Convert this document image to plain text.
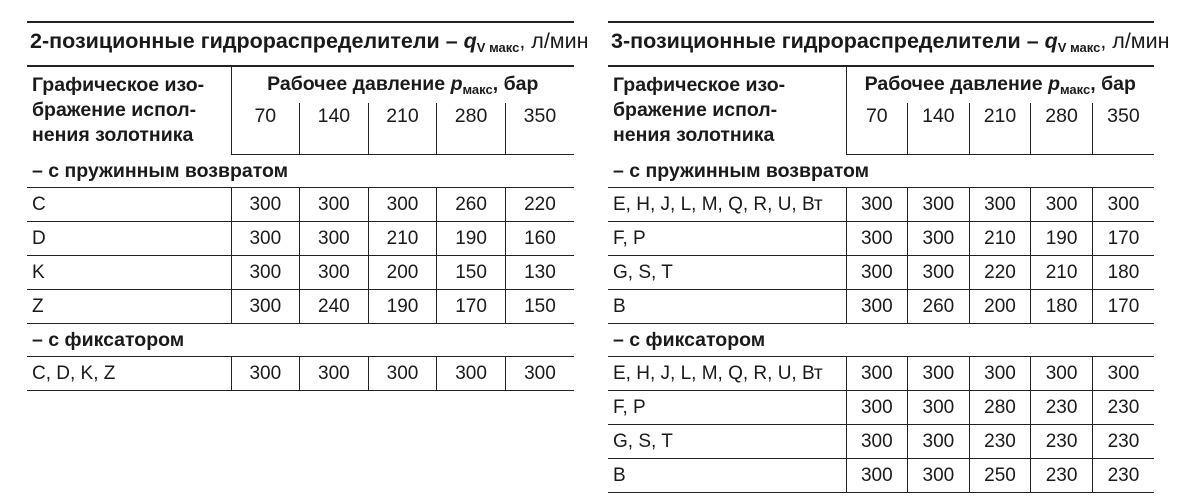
2-позиционные гидрораспределители – $q_{V макс}$, л/мин					

Графическое изо-
бражение испол-
нения золотника	Рабочее давление $p_{макс}$, бар				
	70	140	210	280	350
– с пружинным возвратом					
C	300	300	300	260	220
D	300	300	210	190	160
K	300	300	200	150	130
Z	300	240	190	170	150
– с фиксатором					
C, D, K, Z	300	300	300	300	300
3-позиционные гидрораспределители – $q_{V макс}$, л/мин					

Графическое изо-
бражение испол-
нения золотника	Рабочее давление $p_{макс}$, бар				
	70	140	210	280	350
– с пружинным возвратом					
E, H, J, L, M, Q, R, U, Вт	300	300	300	300	300
F, P	300	300	210	190	170
G, S, T	300	300	220	210	180
B	300	260	200	180	170
– с фиксатором					
E, H, J, L, M, Q, R, U, Вт	300	300	300	300	300
F, P	300	300	280	230	230
G, S, T	300	300	230	230	230
B	300	300	250	230	230
